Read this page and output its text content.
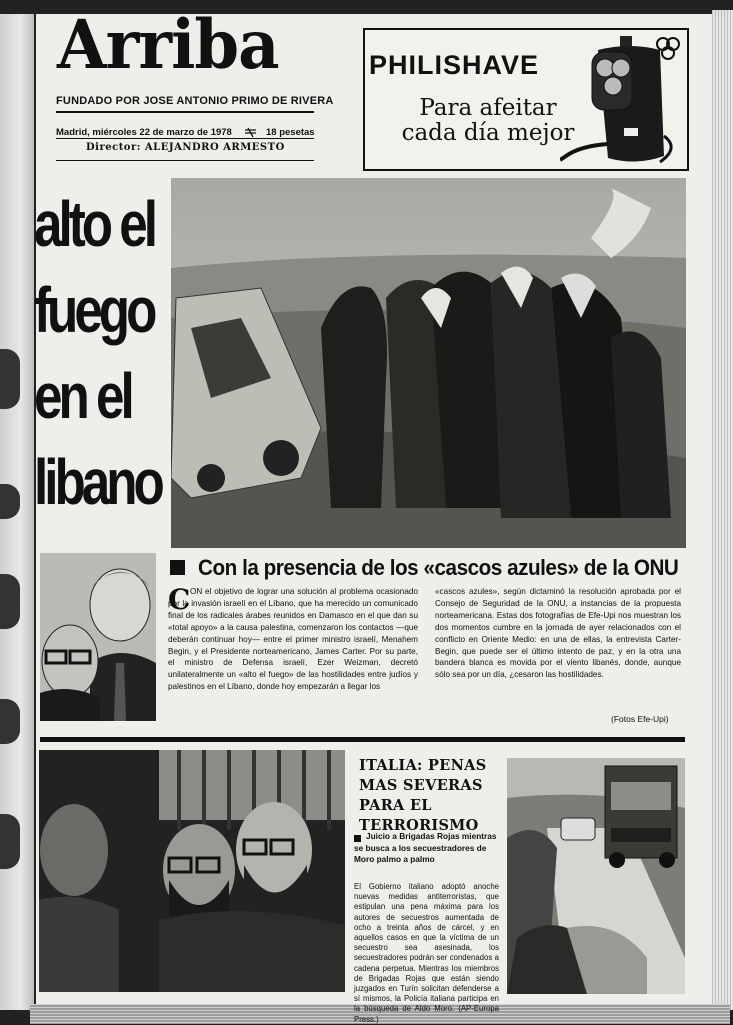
Arriba
FUNDADO POR JOSE ANTONIO PRIMO DE RIVERA
Madrid, miércoles 22 de marzo de 1978	18 pesetas
Director: ALEJANDRO ARMESTO
PHILISHAVE
Para afeitar
cada día mejor
alto el
fuego
en el
libano
Con la presencia de los «cascos azules» de la ONU
C ON el objetivo de lograr una solución al problema ocasionado por la invasión israelí en el Líbano, que ha merecido un comunicado final de los radicales árabes reunidos en Damasco en el que dan su «total apoyo» a la causa palestina, comenzaron los contactos —que deberán continuar hoy— entre el primer ministro israelí, Menahem Begin, y el Presidente norteamericano, James Carter. Por su parte, el ministro de Defensa israelí, Ezer Weizman, decretó unilateralmente un «alto el fuego» de las hostilidades entre judíos y palestinos en el Líbano, donde hoy empezarán a llegar los
«cascos azules», según dictaminó la resolución aprobada por el Consejo de Seguridad de la ONU, a instancias de la propuesta norteamericana. Estas dos fotografías de Efe-Upi nos muestran los dos momentos cumbre en la jornada de ayer relacionados con el conflicto en Oriente Medio: en una de ellas, la entrevista Carter-Begin, que puede ser el último intento de paz, y en la otra una bandera blanca es movida por el viento libanés, donde, aunque sólo sea por un día, ¿cesaron las hostilidades.
(Fotos Efe-Upi)
ITALIA: PENAS MAS SEVERAS PARA EL TERRORISMO
Juicio a Brigadas Rojas mientras se busca a los secuestradores de Moro palmo a palmo
El Gobierno italiano adoptó anoche nuevas medidas antiterroristas, que estipulan una pena máxima para los autores de secuestros aumentada de ocho a treinta años de cárcel, y en aquellos casos en que la víctima de un secuestro sea asesinada, los secuestradores podrán ser condenados a cadena perpetua. Mientras los miembros de Brigadas Rojas que están siendo juzgados en Turín solicitan defenderse a sí mismos, la Policía italiana participa en la búsqueda de Aldo Moro. (AP-Europa Press.)
